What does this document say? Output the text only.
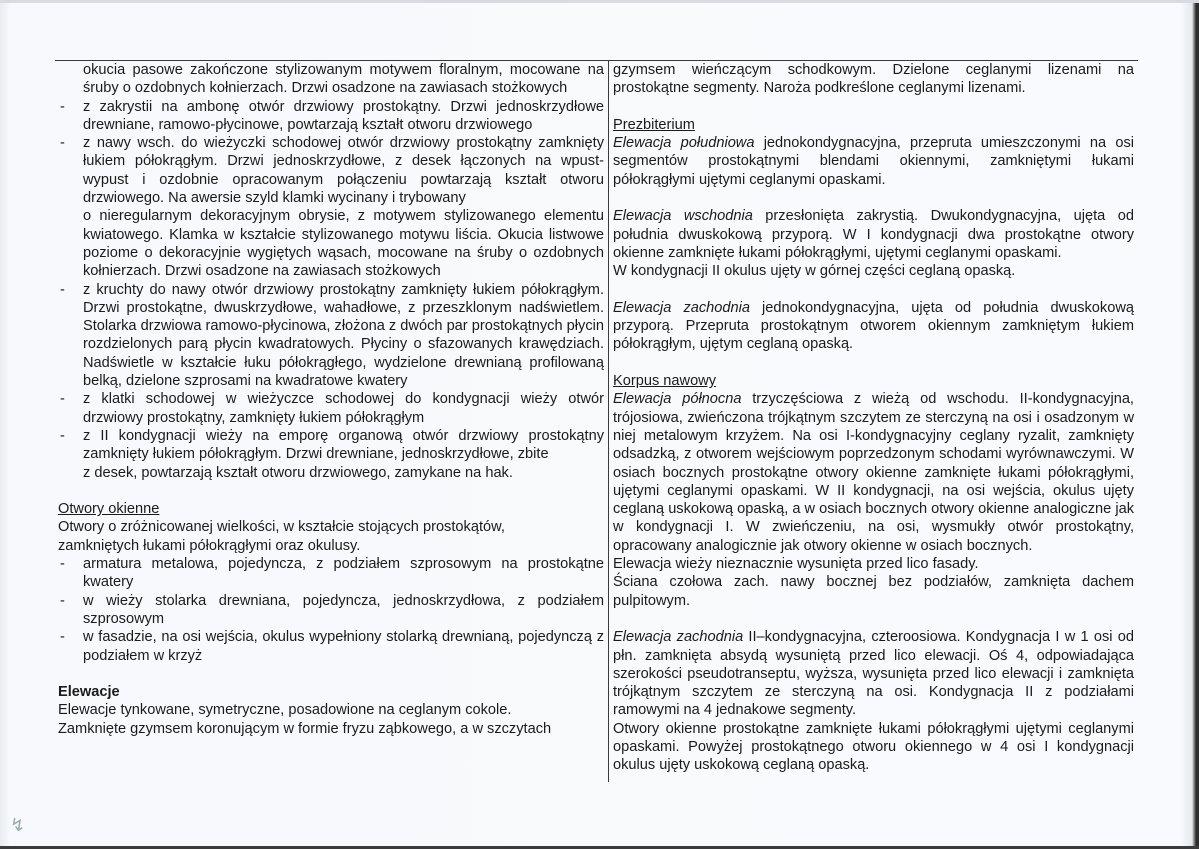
okucia pasowe zakończone stylizowanym motywem floralnym, mocowane na śruby o ozdobnych kołnierzach. Drzwi osadzone na zawiasach stożkowych

- z zakrystii na ambonę otwór drzwiowy prostokątny. Drzwi jednoskrzydłowe drewniane, ramowo-płycinowe, powtarzają kształt otworu drzwiowego
- z nawy wsch. do wieżyczki schodowej otwór drzwiowy prostokątny zamknięty łukiem półokrągłym. Drzwi jednoskrzydłowe, z desek łączonych na wpust-wypust i ozdobnie opracowanym połączeniu powtarzają kształt otworu drzwiowego. Na awersie szyld klamki wycinany i trybowany

o nieregularnym dekoracyjnym obrysie, z motywem stylizowanego elementu kwiatowego. Klamka w kształcie stylizowanego motywu liścia. Okucia listwowe poziome o dekoracyjnie wygiętych wąsach, mocowane na śruby o ozdobnych kołnierzach. Drzwi osadzone na zawiasach stożkowych

- z kruchty do nawy otwór drzwiowy prostokątny zamknięty łukiem półokrągłym. Drzwi prostokątne, dwuskrzydłowe, wahadłowe, z przeszklonym nadświetlem. Stolarka drzwiowa ramowo-płycinowa, złożona z dwóch par prostokątnych płycin rozdzielonych parą płycin kwadratowych. Płyciny o sfazowanych krawędziach. Nadświetle w kształcie łuku półokrągłego, wydzielone drewnianą profilowaną belką, dzielone szprosami na kwadratowe kwatery
- z klatki schodowej w wieżyczce schodowej do kondygnacji wieży otwór drzwiowy prostokątny, zamknięty łukiem półokrągłym
- z II kondygnacji wieży na emporę organową otwór drzwiowy prostokątny zamknięty łukiem półokrągłym. Drzwi drewniane, jednoskrzydłowe, zbite

z desek, powtarzają kształt otworu drzwiowego, zamykane na hak.

Otwory okienne

Otwory o zróżnicowanej wielkości, w kształcie stojących prostokątów,

zamkniętych łukami półokrągłymi oraz okulusy.

- armatura metalowa, pojedyncza, z podziałem szprosowym na prostokątne kwatery
- w wieży stolarka drewniana, pojedyncza, jednoskrzydłowa, z podziałem szprosowym
- w fasadzie, na osi wejścia, okulus wypełniony stolarką drewnianą, pojedynczą z podziałem w krzyż

Elewacje

Elewacje tynkowane, symetryczne, posadowione na ceglanym cokole.

Zamknięte gzymsem koronującym w formie fryzu ząbkowego, a w szczytach

gzymsem wieńczącym schodkowym. Dzielone ceglanymi lizenami na prostokątne segmenty. Naroża podkreślone ceglanymi lizenami.

Prezbiterium

Elewacja południowa jednokondygnacyjna, przepruta umieszczonymi na osi segmentów prostokątnymi blendami okiennymi, zamkniętymi łukami półokrągłymi ujętymi ceglanymi opaskami.

Elewacja wschodnia przesłonięta zakrystią. Dwukondygnacyjna, ujęta od południa dwuskokową przyporą. W I kondygnacji dwa prostokątne otwory okienne zamknięte łukami półokrągłymi, ujętymi ceglanymi opaskami.

W kondygnacji II okulus ujęty w górnej części ceglaną opaską.

Elewacja zachodnia jednokondygnacyjna, ujęta od południa dwuskokową przyporą. Przepruta prostokątnym otworem okiennym zamkniętym łukiem półokrągłym, ujętym ceglaną opaską.

Korpus nawowy

Elewacja północna trzyczęściowa z wieżą od wschodu. II-kondygnacyjna, trójosiowa, zwieńczona trójkątnym szczytem ze sterczyną na osi i osadzonym w niej metalowym krzyżem. Na osi I-kondygnacyjny ceglany ryzalit, zamknięty odsadzką, z otworem wejściowym poprzedzonym schodami wyrównawczymi. W osiach bocznych prostokątne otwory okienne zamknięte łukami półokrągłymi, ujętymi ceglanymi opaskami. W II kondygnacji, na osi wejścia, okulus ujęty ceglaną uskokową opaską, a w osiach bocznych otwory okienne analogiczne jak w kondygnacji I. W zwieńczeniu, na osi, wysmukły otwór prostokątny, opracowany analogicznie jak otwory okienne w osiach bocznych.

Elewacja wieży nieznacznie wysunięta przed lico fasady.

Ściana czołowa zach. nawy bocznej bez podziałów, zamknięta dachem pulpitowym.

Elewacja zachodnia II–kondygnacyjna, czteroosiowa. Kondygnacja I w 1 osi od płn. zamknięta absydą wysuniętą przed lico elewacji. Oś 4, odpowiadająca szerokości pseudotranseptu, wyższa, wysunięta przed lico elewacji i zamknięta trójkątnym szczytem ze sterczyną na osi. Kondygnacja II z podziałami ramowymi na 4 jednakowe segmenty.

Otwory okienne prostokątne zamknięte łukami półokrągłymi ujętymi ceglanymi opaskami. Powyżej prostokątnego otworu okiennego w 4 osi I kondygnacji okulus ujęty uskokową ceglaną opaską.

↯
